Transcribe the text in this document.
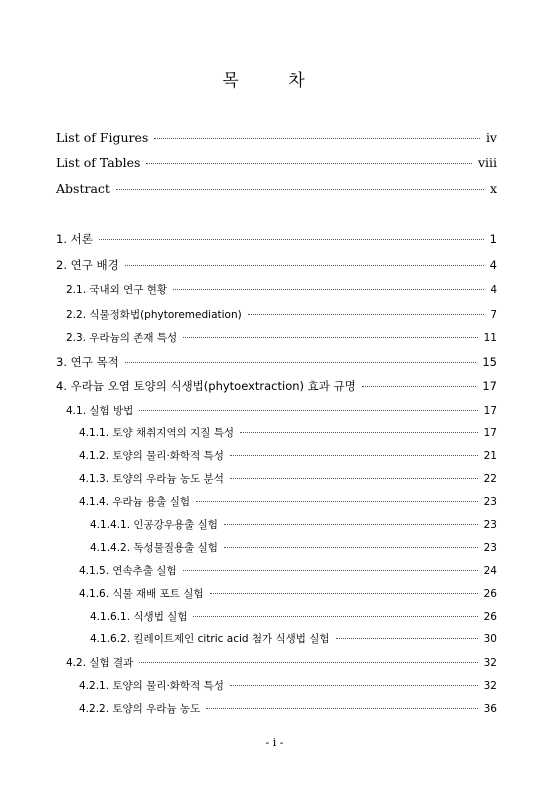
목 차
List of Figures	iv
List of Tables	viii
Abstract	x
1. 서론	1
2. 연구 배경	4
2.1. 국내외 연구 현황	4
2.2. 식물정화법(phytoremediation)	7
2.3. 우라늄의 존재 특성	11
3. 연구 목적	15
4. 우라늄 오염 토양의 식생법(phytoextraction) 효과 규명	17
4.1. 실험 방법	17
4.1.1. 토양 채취지역의 지질 특성	17
4.1.2. 토양의 물리·화학적 특성	21
4.1.3. 토양의 우라늄 농도 분석	22
4.1.4. 우라늄 용출 실험	23
4.1.4.1. 인공강우용출 실험	23
4.1.4.2. 독성물질용출 실험	23
4.1.5. 연속추출 실험	24
4.1.6. 식물 재배 포트 실험	26
4.1.6.1. 식생법 실험	26
4.1.6.2. 킬레이트제인 citric acid 첨가 식생법 실험	30
4.2. 실험 결과	32
4.2.1. 토양의 물리·화학적 특성	32
4.2.2. 토양의 우라늄 농도	36
- i -
